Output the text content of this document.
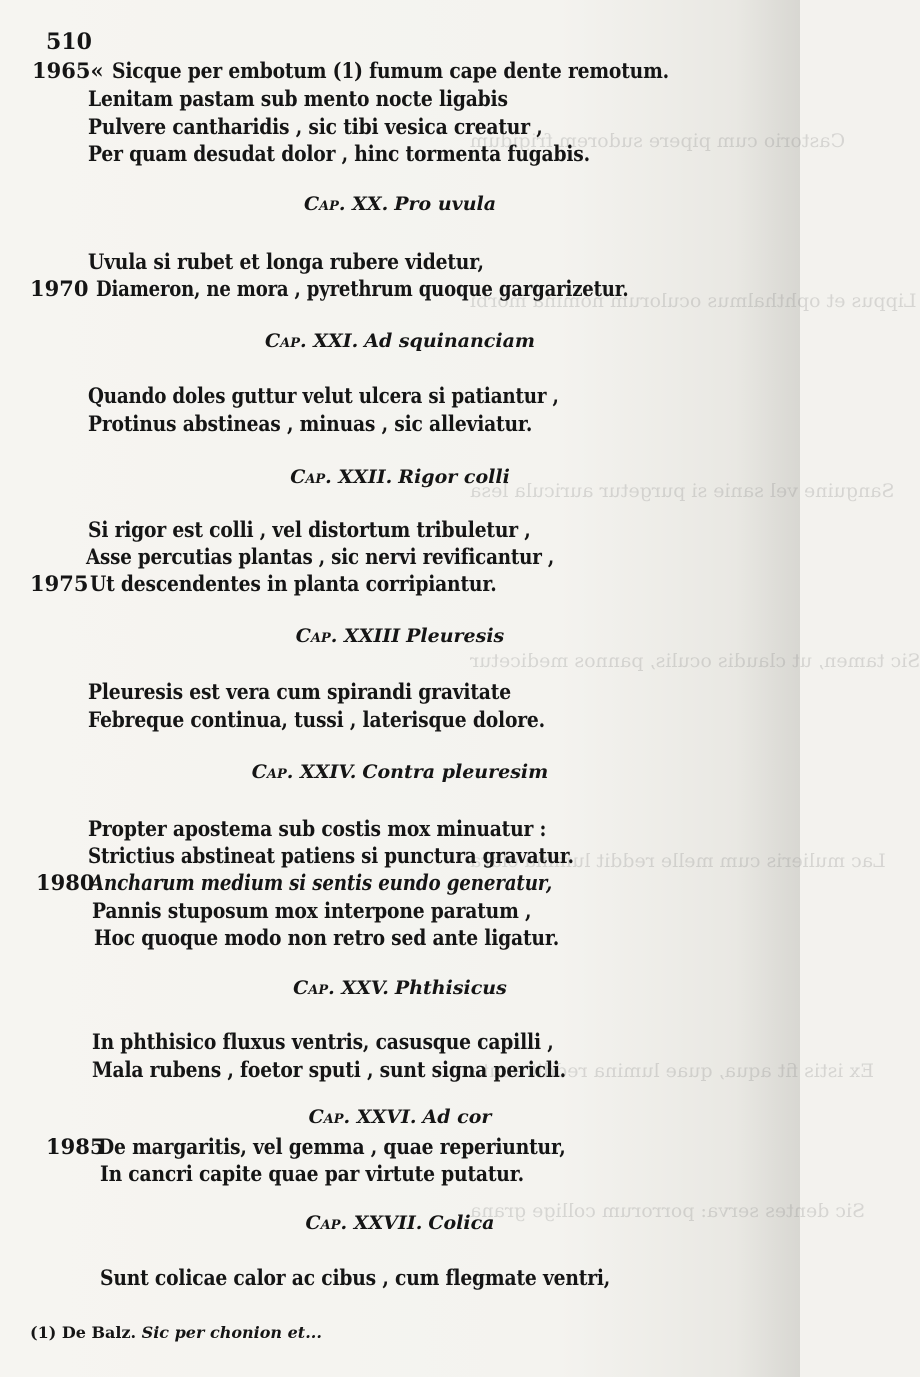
Castorio cum pipere sudorem frigidum
Lippus et ophthalmus oculorum nomina morbi
Sanguine vel sanie si purgetur auricula lesa
Sic tamen, ut claudis oculis, pannos medicetur
Lac mulieris cum melle reddit lumina clara
Ex istis fit aqua, quae lumina reddit acuta
Sic dentes serva: porrorum collige grana
510
1965« Sicque per embotum (1) fumum cape dente remotum.
Lenitam pastam sub mento nocte ligabis
Pulvere cantharidis , sic tibi vesica creatur ,
Per quam desudat dolor , hinc tormenta fugabis.
Cap. XX. Pro uvula
Uvula si rubet et longa rubere videtur,
1970 Diameron, ne mora , pyrethrum quoque gargarizetur.
Cap. XXI. Ad squinanciam
Quando doles guttur velut ulcera si patiantur ,
Protinus abstineas , minuas , sic alleviatur.
Cap. XXII. Rigor colli
Si rigor est colli , vel distortum tribuletur ,
Asse percutias plantas , sic nervi revificantur ,
1975 Ut descendentes in planta corripiantur.
Cap. XXIII Pleuresis
Pleuresis est vera cum spirandi gravitate
Febreque continua, tussi , laterisque dolore.
Cap. XXIV. Contra pleuresim
Propter apostema sub costis mox minuatur :
Strictius abstineat patiens si punctura gravatur.
1980
Ancharum medium si sentis eundo generatur,
Pannis stuposum mox interpone paratum ,
Hoc quoque modo non retro sed ante ligatur.
Cap. XXV. Phthisicus
In phthisico fluxus ventris, casusque capilli ,
Mala rubens , foetor sputi , sunt signa pericli.
Cap. XXVI. Ad cor
1985
De margaritis, vel gemma , quae reperiuntur,
In cancri capite quae par virtute putatur.
Cap. XXVII. Colica
Sunt colicae calor ac cibus , cum flegmate ventri,
(1) De Balz. Sic per chonion et...
